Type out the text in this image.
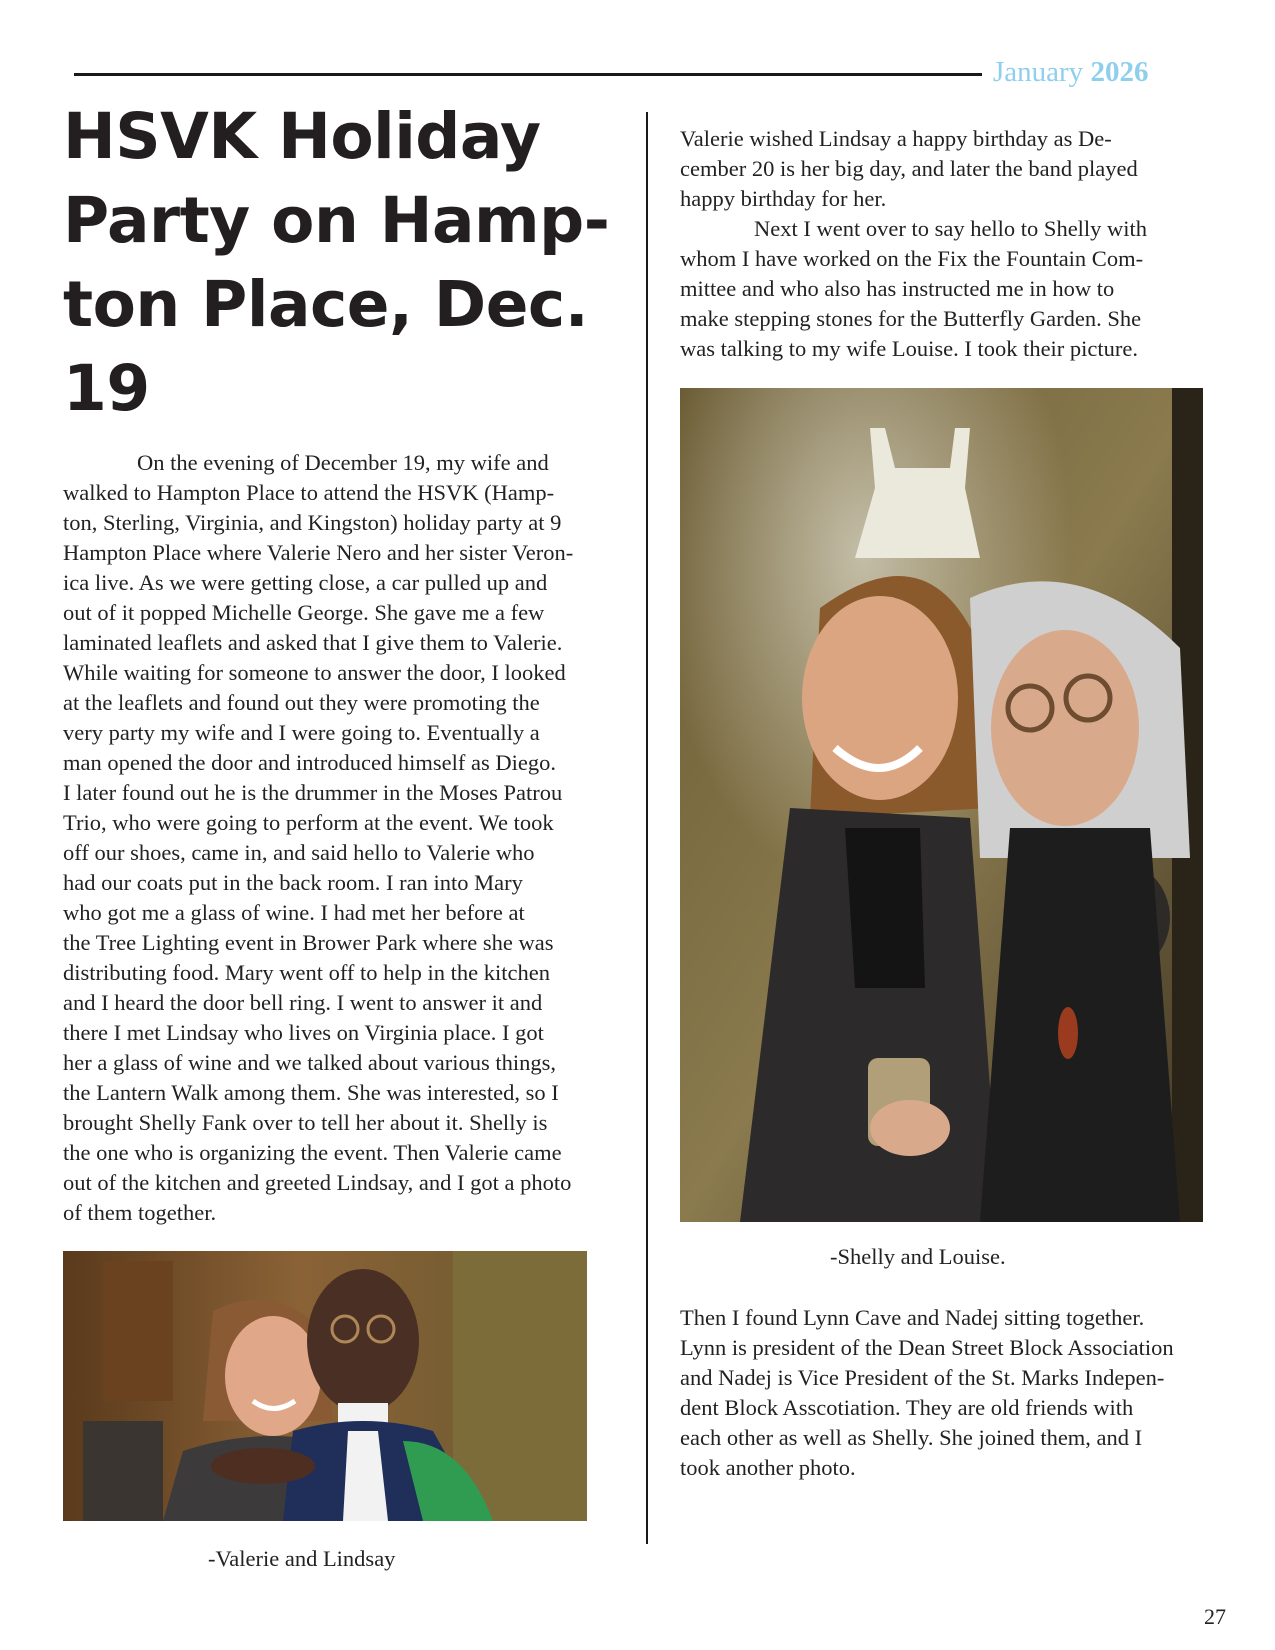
January 2026
HSVK Holiday
Party on Hamp-
ton Place, Dec.
19

On the evening of December 19, my wife and
walked to Hampton Place to attend the HSVK (Hamp-
ton, Sterling, Virginia, and Kingston) holiday party at 9
Hampton Place where Valerie Nero and her sister Veron-
ica live. As we were getting close, a car pulled up and
out of it popped Michelle George. She gave me a few
laminated leaflets and asked that I give them to Valerie.
While waiting for someone to answer the door, I looked
at the leaflets and found out they were promoting the
very party my wife and I were going to. Eventually a
man opened the door and introduced himself as Diego.
I later found out he is the drummer in the Moses Patrou
Trio, who were going to perform at the event. We took
off our shoes, came in, and said hello to Valerie who
had our coats put in the back room. I ran into Mary
who got me a glass of wine. I had met her before at
the Tree Lighting event in Brower Park where she was
distributing food. Mary went off to help in the kitchen
and I heard the door bell ring. I went to answer it and
there I met Lindsay who lives on Virginia place. I got
her a glass of wine and we talked about various things,
the Lantern Walk among them. She was interested, so I
brought Shelly Fank over to tell her about it. Shelly is
the one who is organizing the event. Then Valerie came
out of the kitchen and greeted Lindsay, and I got a photo
of them together.

Valerie wished Lindsay a happy birthday as De-
cember 20 is her big day, and later the band played
happy birthday for her.

Next I went over to say hello to Shelly with
whom I have worked on the Fix the Fountain Com-
mittee and who also has instructed me in how to
make stepping stones for the Butterfly Garden. She
was talking to my wife Louise. I took their picture.

-Shelly and Louise.

Then I found Lynn Cave and Nadej sitting together.
Lynn is president of the Dean Street Block Association
and Nadej is Vice President of the St. Marks Indepen-
dent Block Asscotiation. They are old friends with
each other as well as Shelly. She joined them, and I
took another photo.

-Valerie and Lindsay
27
